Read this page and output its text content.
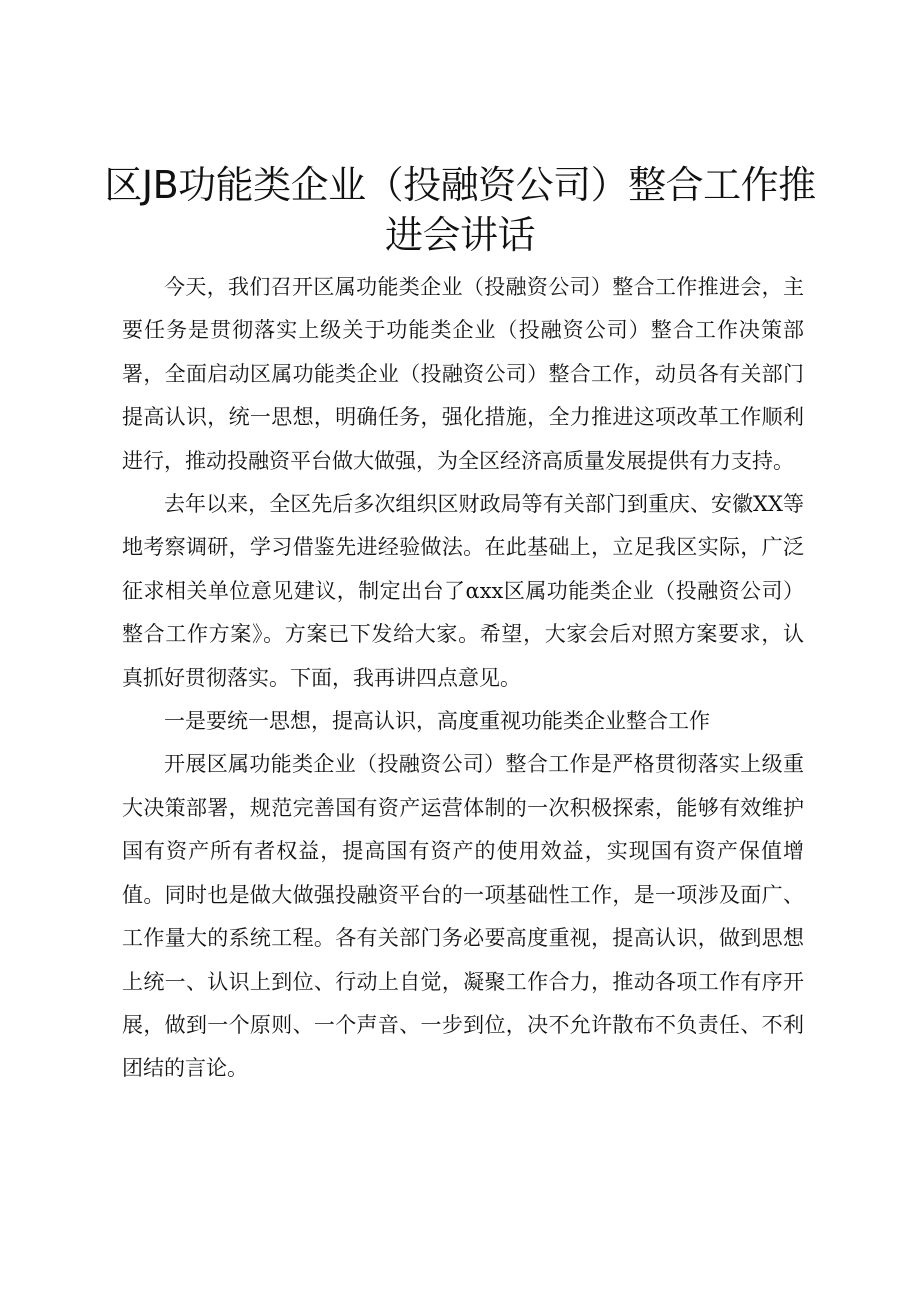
区JB功能类企业（投融资公司）整合工作推进会讲话

今天，我们召开区属功能类企业（投融资公司）整合工作推进会，主要任务是贯彻落实上级关于功能类企业（投融资公司）整合工作决策部署，全面启动区属功能类企业（投融资公司）整合工作，动员各有关部门提高认识，统一思想，明确任务，强化措施，全力推进这项改革工作顺利进行，推动投融资平台做大做强，为全区经济高质量发展提供有力支持。

去年以来，全区先后多次组织区财政局等有关部门到重庆、安徽XX等地考察调研，学习借鉴先进经验做法。在此基础上，立足我区实际，广泛征求相关单位意见建议，制定出台了αxx区属功能类企业（投融资公司）整合工作方案》。方案已下发给大家。希望，大家会后对照方案要求，认真抓好贯彻落实。下面，我再讲四点意见。

一是要统一思想，提高认识，高度重视功能类企业整合工作

开展区属功能类企业（投融资公司）整合工作是严格贯彻落实上级重大决策部署，规范完善国有资产运营体制的一次积极探索，能够有效维护国有资产所有者权益，提高国有资产的使用效益，实现国有资产保值增值。同时也是做大做强投融资平台的一项基础性工作，是一项涉及面广、工作量大的系统工程。各有关部门务必要高度重视，提高认识，做到思想上统一、认识上到位、行动上自觉，凝聚工作合力，推动各项工作有序开展，做到一个原则、一个声音、一步到位，决不允许散布不负责任、不利团结的言论。
